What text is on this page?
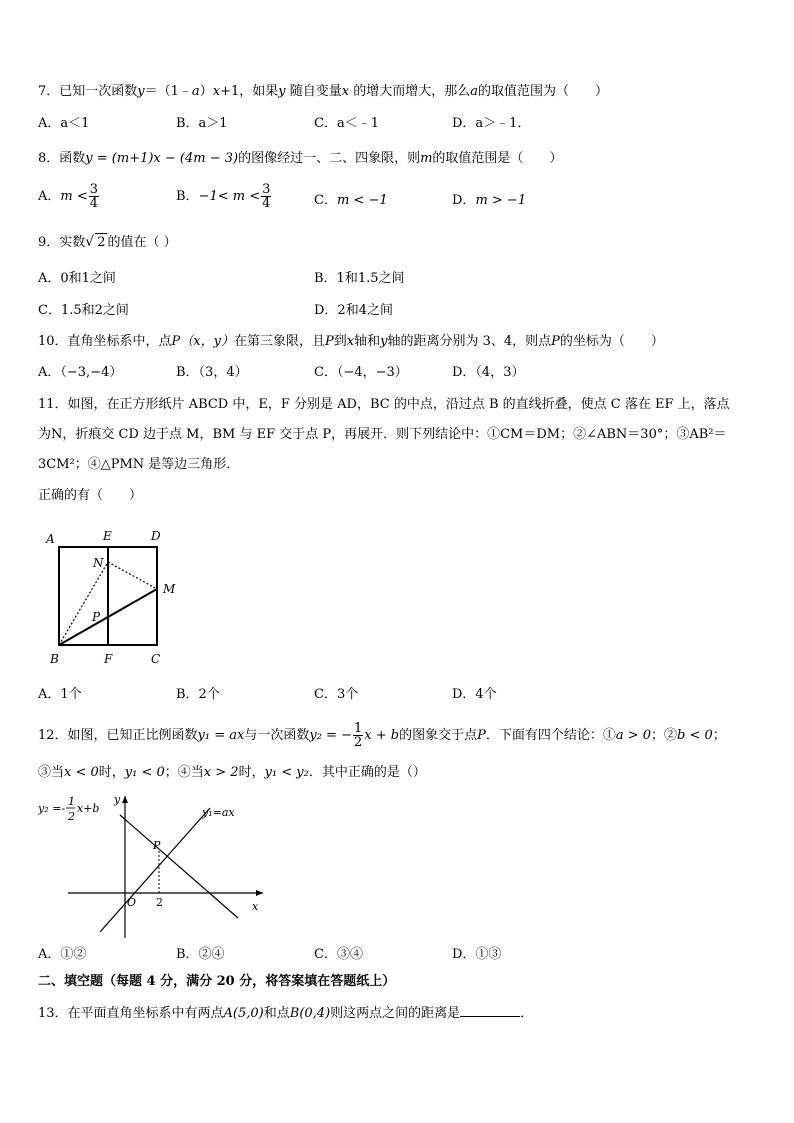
7．已知一次函数y＝（1﹣a）x+1，如果y 随自变量x 的增大而增大，那么a的取值范围为（　　）
A．a＜1	B．a＞1	C．a＜﹣1	D．a＞﹣1．
8．函数y = (m+1)x − (4m − 3)的图像经过一、二、四象限，则m的取值范围是（　　）
A．$m < \frac{3}{4}$	B．$-1< m < \frac{3}{4}$	C．m < −1	D．m > −1
9．实数√ 2 的值在（ ）
A．0和1之间	B．1和1.5之间
C．1.5和2之间	D．2和4之间
10．直角坐标系中，点P（x，y）在第三象限，且P到x轴和y轴的距离分别为 3、4，则点P的坐标为（　　）
A．（−3,−4）	B．（3，4）	C．（−4，−3）	D．（4，3）
11．如图，在正方形纸片 ABCD 中，E，F 分别是 AD，BC 的中点，沿过点 B 的直线折叠，使点 C 落在 EF 上，落点
为N，折痕交 CD 边于点 M，BM 与 EF 交于点 P，再展开．则下列结论中：①CM＝DM；②∠ABN＝30°；③AB²＝
3CM²；④△PMN 是等边三角形．
正确的有（　　）
A	E	D
N
M
P
B	F	C
A．1个	B．2个	C．3个	D．4个
12．如图，已知正比例函数y₁ = ax与一次函数y₂ = − $\frac{1}{2}$ x + b的图象交于点P．下面有四个结论：①a > 0；②b < 0；
③当x < 0时，y₁ < 0；④当x > 2时，y₁ < y₂．其中正确的是（）
y₂ =-
1
2
x+b	y₁=ax
y
x
O
P
2
A．①②	B．②④	C．③④	D．①③
二、填空题（每题 4 分，满分 20 分，将答案填在答题纸上）
13．在平面直角坐标系中有两点A(5,0)和点B(0,4)则这两点之间的距离是	．
